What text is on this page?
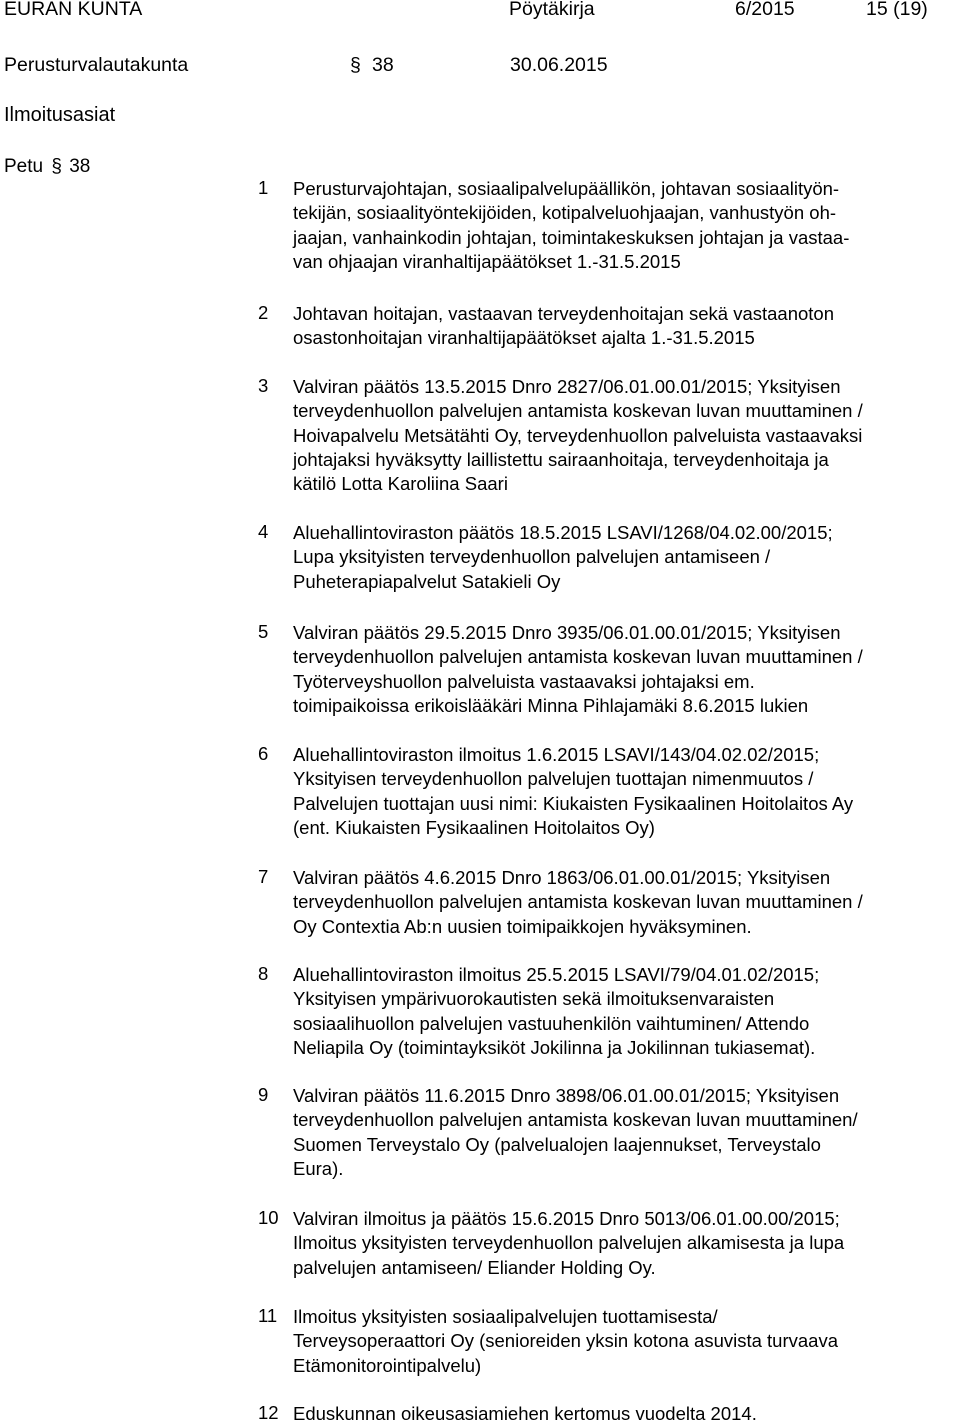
EURAN KUNTA	Pöytäkirja	6/2015	15 (19)
Perusturvalautakunta	§ 38	30.06.2015
Ilmoitusasiat
Petu § 38
1 Perusturvajohtajan, sosiaalipalvelupäällikön, johtavan sosiaalityön-
tekijän, sosiaalityöntekijöiden, kotipalveluohjaajan, vanhustyön oh-
jaajan, vanhainkodin johtajan, toimintakeskuksen johtajan ja vastaa-
van ohjaajan viranhaltijapäätökset 1.-31.5.2015
2 Johtavan hoitajan, vastaavan terveydenhoitajan sekä vastaanoton
osastonhoitajan viranhaltijapäätökset ajalta 1.-31.5.2015
3 Valviran päätös 13.5.2015 Dnro 2827/06.01.00.01/2015; Yksityisen
terveydenhuollon palvelujen antamista koskevan luvan muuttaminen /
Hoivapalvelu Metsätähti Oy, terveydenhuollon palveluista vastaavaksi
johtajaksi hyväksytty laillistettu sairaanhoitaja, terveydenhoitaja ja
kätilö Lotta Karoliina Saari
4 Aluehallintoviraston päätös 18.5.2015 LSAVI/1268/04.02.00/2015;
Lupa yksityisten terveydenhuollon palvelujen antamiseen /
Puheterapiapalvelut Satakieli Oy
5 Valviran päätös 29.5.2015 Dnro 3935/06.01.00.01/2015; Yksityisen
terveydenhuollon palvelujen antamista koskevan luvan muuttaminen /
Työterveyshuollon palveluista vastaavaksi johtajaksi em.
toimipaikoissa erikoislääkäri Minna Pihlajamäki 8.6.2015 lukien
6 Aluehallintoviraston ilmoitus 1.6.2015 LSAVI/143/04.02.02/2015;
Yksityisen terveydenhuollon palvelujen tuottajan nimenmuutos /
Palvelujen tuottajan uusi nimi: Kiukaisten Fysikaalinen Hoitolaitos Ay
(ent. Kiukaisten Fysikaalinen Hoitolaitos Oy)
7 Valviran päätös 4.6.2015 Dnro 1863/06.01.00.01/2015; Yksityisen
terveydenhuollon palvelujen antamista koskevan luvan muuttaminen /
Oy Contextia Ab:n uusien toimipaikkojen hyväksyminen.
8 Aluehallintoviraston ilmoitus 25.5.2015 LSAVI/79/04.01.02/2015;
Yksityisen ympärivuorokautisten sekä ilmoituksenvaraisten
sosiaalihuollon palvelujen vastuuhenkilön vaihtuminen/ Attendo
Neliapila Oy (toimintayksiköt Jokilinna ja Jokilinnan tukiasemat).
9 Valviran päätös 11.6.2015 Dnro 3898/06.01.00.01/2015; Yksityisen
terveydenhuollon palvelujen antamista koskevan luvan muuttaminen/
Suomen Terveystalo Oy (palvelualojen laajennukset, Terveystalo
Eura).
10 Valviran ilmoitus ja päätös 15.6.2015 Dnro 5013/06.01.00.00/2015;
Ilmoitus yksityisten terveydenhuollon palvelujen alkamisesta ja lupa
palvelujen antamiseen/ Eliander Holding Oy.
11 Ilmoitus yksityisten sosiaalipalvelujen tuottamisesta/
Terveysoperaattori Oy (senioreiden yksin kotona asuvista turvaava
Etämonitorointipalvelu)
12 Eduskunnan oikeusasiamiehen kertomus vuodelta 2014.
